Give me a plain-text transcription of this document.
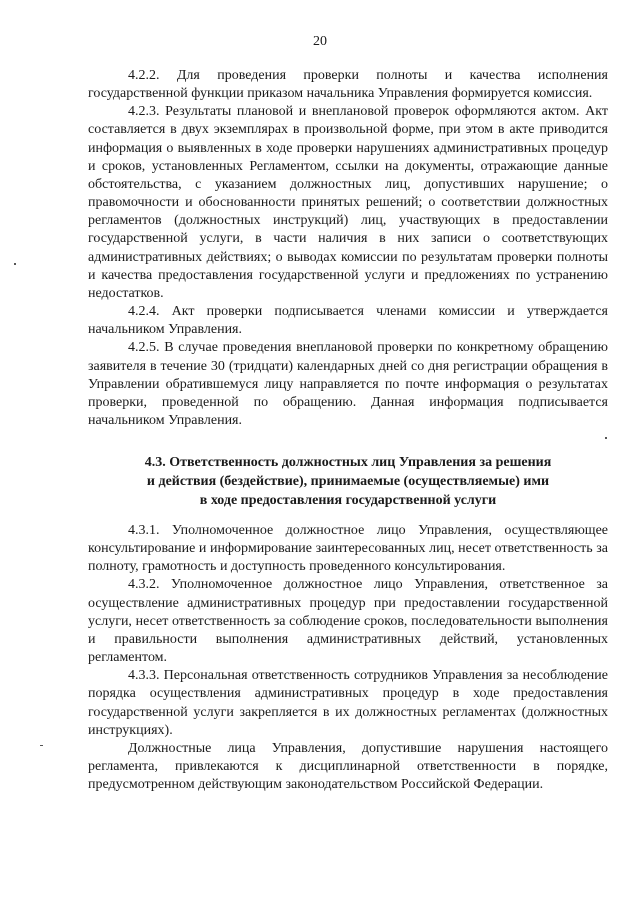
20

4.2.2. Для проведения проверки полноты и качества исполнения государственной функции приказом начальника Управления формируется комиссия.

4.2.3. Результаты плановой и внеплановой проверок оформляются актом. Акт составляется в двух экземплярах в произвольной форме, при этом в акте приводится информация о выявленных в ходе проверки нарушениях административных процедур и сроков, установленных Регламентом, ссылки на документы, отражающие данные обстоятельства, с указанием должностных лиц, допустивших нарушение; о правомочности и обоснованности принятых решений; о соответствии должностных регламентов (должностных инструкций) лиц, участвующих в предоставлении государственной услуги, в части наличия в них записи о соответствующих административных действиях; о выводах комиссии по результатам проверки полноты и качества предоставления государственной услуги и предложениях по устранению недостатков.

4.2.4. Акт проверки подписывается членами комиссии и утверждается начальником Управления.

4.2.5. В случае проведения внеплановой проверки по конкретному обращению заявителя в течение 30 (тридцати) календарных дней со дня регистрации обращения в Управлении обратившемуся лицу направляется по почте информация о результатах проверки, проведенной по обращению. Данная информация подписывается начальником Управления.

4.3. Ответственность должностных лиц Управления за решения
и действия (бездействие), принимаемые (осуществляемые) ими
в ходе предоставления государственной услуги

4.3.1. Уполномоченное должностное лицо Управления, осуществляющее консультирование и информирование заинтересованных лиц, несет ответственность за полноту, грамотность и доступность проведенного консультирования.

4.3.2. Уполномоченное должностное лицо Управления, ответственное за осуществление административных процедур при предоставлении государственной услуги, несет ответственность за соблюдение сроков, последовательности выполнения и правильности выполнения административных действий, установленных регламентом.

4.3.3. Персональная ответственность сотрудников Управления за несоблюдение порядка осуществления административных процедур в ходе предоставления государственной услуги закрепляется в их должностных регламентах (должностных инструкциях).

Должностные лица Управления, допустившие нарушения настоящего регламента, привлекаются к дисциплинарной ответственности в порядке, предусмотренном действующим законодательством Российской Федерации.
